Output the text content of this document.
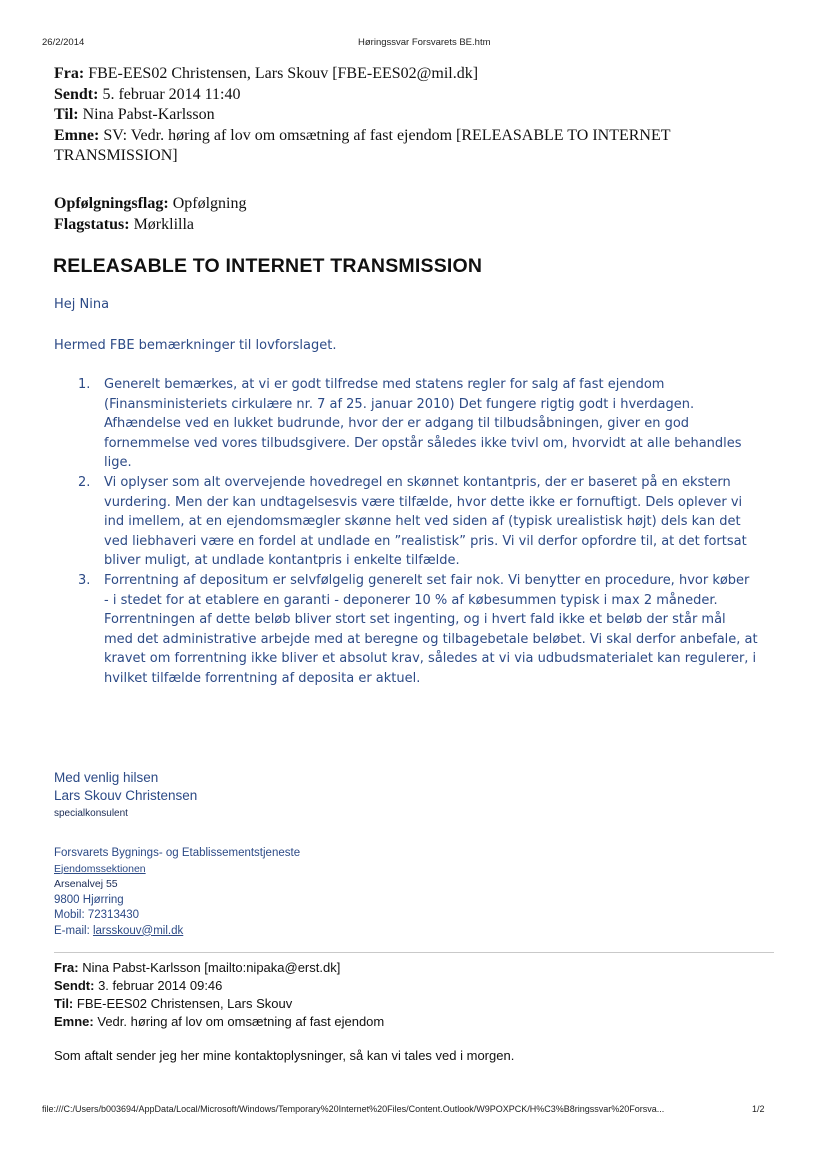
26/2/2014	Høringssvar Forsvarets BE.htm
Fra: FBE-EES02 Christensen, Lars Skouv [FBE-EES02@mil.dk]
Sendt: 5. februar 2014 11:40
Til: Nina Pabst-Karlsson
Emne: SV: Vedr. høring af lov om omsætning af fast ejendom [RELEASABLE TO INTERNET TRANSMISSION]
Opfølgningsflag: Opfølgning
Flagstatus: Mørklilla
RELEASABLE TO INTERNET TRANSMISSION
Hej Nina
Hermed FBE bemærkninger til lovforslaget.
1. Generelt bemærkes, at vi er godt tilfredse med statens regler for salg af fast ejendom (Finansministeriets cirkulære nr. 7 af 25. januar 2010) Det fungere rigtig godt i hverdagen. Afhændelse ved en lukket budrunde, hvor der er adgang til tilbudsåbningen, giver en god fornemmelse ved vores tilbudsgivere. Der opstår således ikke tvivl om, hvorvidt at alle behandles lige.
2. Vi oplyser som alt overvejende hovedregel en skønnet kontantpris, der er baseret på en ekstern vurdering. Men der kan undtagelsesvis være tilfælde, hvor dette ikke er fornuftigt. Dels oplever vi ind imellem, at en ejendomsmægler skønne helt ved siden af (typisk urealistisk højt) dels kan det ved liebhaveri være en fordel at undlade en ”realistisk” pris. Vi vil derfor opfordre til, at det fortsat bliver muligt, at undlade kontantpris i enkelte tilfælde.
3. Forrentning af depositum er selvfølgelig generelt set fair nok. Vi benytter en procedure, hvor køber - i stedet for at etablere en garanti - deponerer 10 % af købesummen typisk i max 2 måneder. Forrentningen af dette beløb bliver stort set ingenting, og i hvert fald ikke et beløb der står mål med det administrative arbejde med at beregne og tilbagebetale beløbet. Vi skal derfor anbefale, at kravet om forrentning ikke bliver et absolut krav, således at vi via udbudsmaterialet kan regulerer, i hvilket tilfælde forrentning af deposita er aktuel.
Med venlig hilsen
Lars Skouv Christensen
specialkonsulent
Forsvarets Bygnings- og Etablissementstjeneste
Ejendomssektionen
Arsenalvej 55
9800 Hjørring
Mobil: 72313430
E-mail: larsskouv@mil.dk
Fra: Nina Pabst-Karlsson [mailto:nipaka@erst.dk]
Sendt: 3. februar 2014 09:46
Til: FBE-EES02 Christensen, Lars Skouv
Emne: Vedr. høring af lov om omsætning af fast ejendom
Som aftalt sender jeg her mine kontaktoplysninger, så kan vi tales ved i morgen.
file:///C:/Users/b003694/AppData/Local/Microsoft/Windows/Temporary%20Internet%20Files/Content.Outlook/W9POXPCK/H%C3%B8ringssvar%20Forsva...	1/2
